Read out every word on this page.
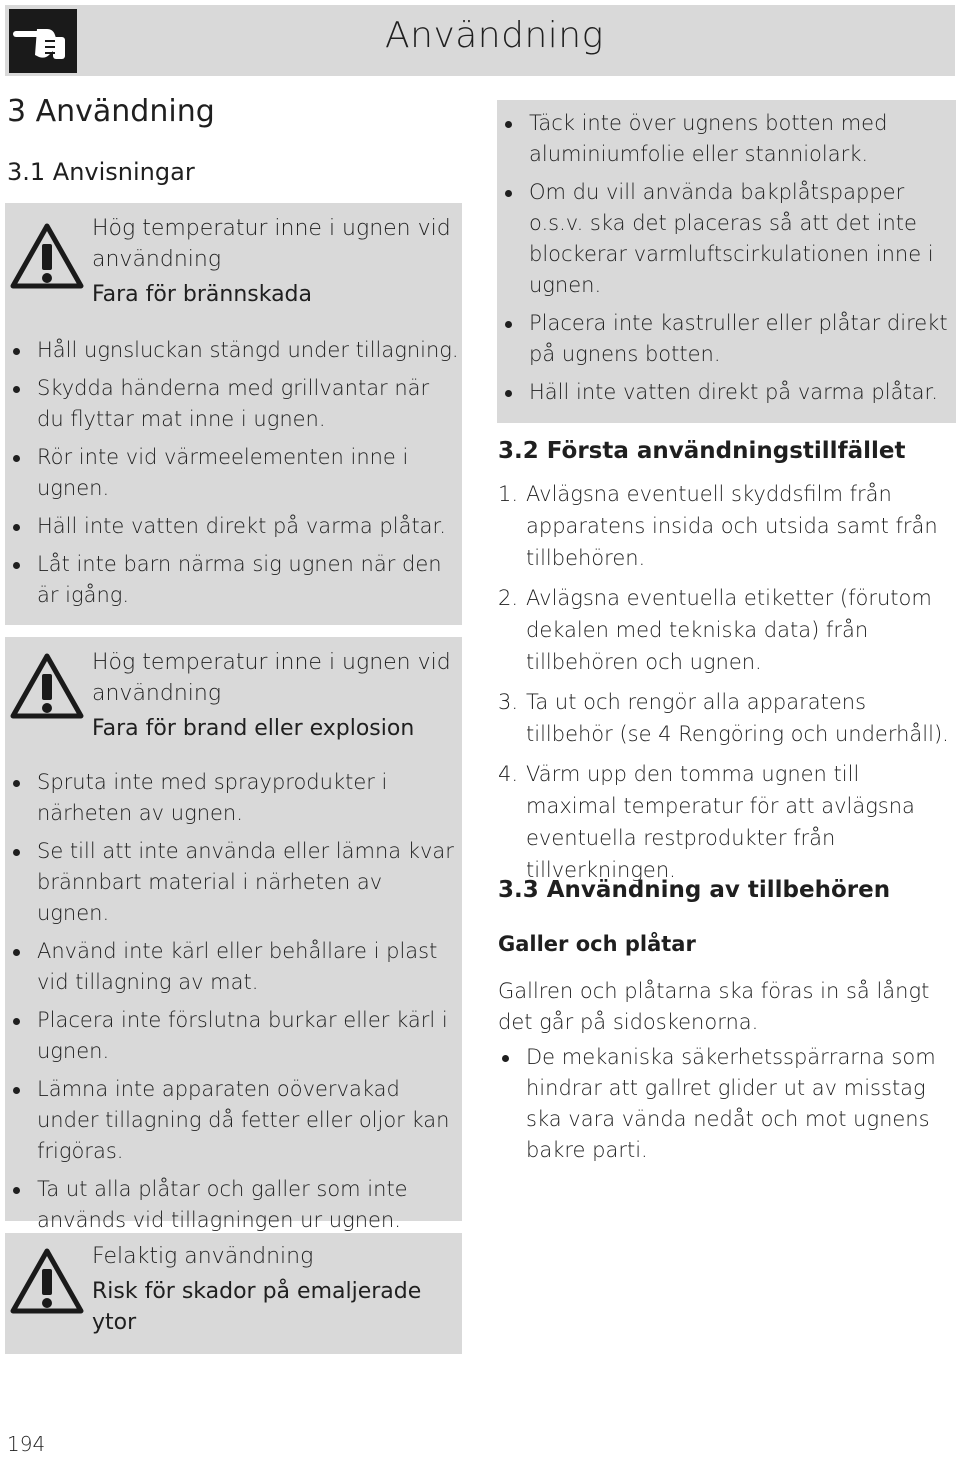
Användning
3 Användning
3.1 Anvisningar
Hög temperatur inne i ugnen vid användning
Fara för brännskada
Håll ugnsluckan stängd under tillagning.
Skydda händerna med grillvantar när du flyttar mat inne i ugnen.
Rör inte vid värmeelementen inne i ugnen.
Häll inte vatten direkt på varma plåtar.
Låt inte barn närma sig ugnen när den är igång.
Hög temperatur inne i ugnen vid användning
Fara för brand eller explosion
Spruta inte med sprayprodukter i närheten av ugnen.
Se till att inte använda eller lämna kvar brännbart material i närheten av ugnen.
Använd inte kärl eller behållare i plast vid tillagning av mat.
Placera inte förslutna burkar eller kärl i ugnen.
Lämna inte apparaten oövervakad under tillagning då fetter eller oljor kan frigöras.
Ta ut alla plåtar och galler som inte används vid tillagningen ur ugnen.
Felaktig användning
Risk för skador på emaljerade ytor
Täck inte över ugnens botten med aluminiumfolie eller stanniolark.
Om du vill använda bakplåtspapper o.s.v. ska det placeras så att det inte blockerar varmluftscirkulationen inne i ugnen.
Placera inte kastruller eller plåtar direkt på ugnens botten.
Häll inte vatten direkt på varma plåtar.
3.2 Första användningstillfället
1. Avlägsna eventuell skyddsfilm från apparatens insida och utsida samt från tillbehören.
2. Avlägsna eventuella etiketter (förutom dekalen med tekniska data) från tillbehören och ugnen.
3. Ta ut och rengör alla apparatens tillbehör (se 4 Rengöring och underhåll).
4. Värm upp den tomma ugnen till maximal temperatur för att avlägsna eventuella restprodukter från tillverkningen.
3.3 Användning av tillbehören
Galler och plåtar
Gallren och plåtarna ska föras in så långt det går på sidoskenorna.
De mekaniska säkerhetsspärrarna som hindrar att gallret glider ut av misstag ska vara vända nedåt och mot ugnens bakre parti.
194
